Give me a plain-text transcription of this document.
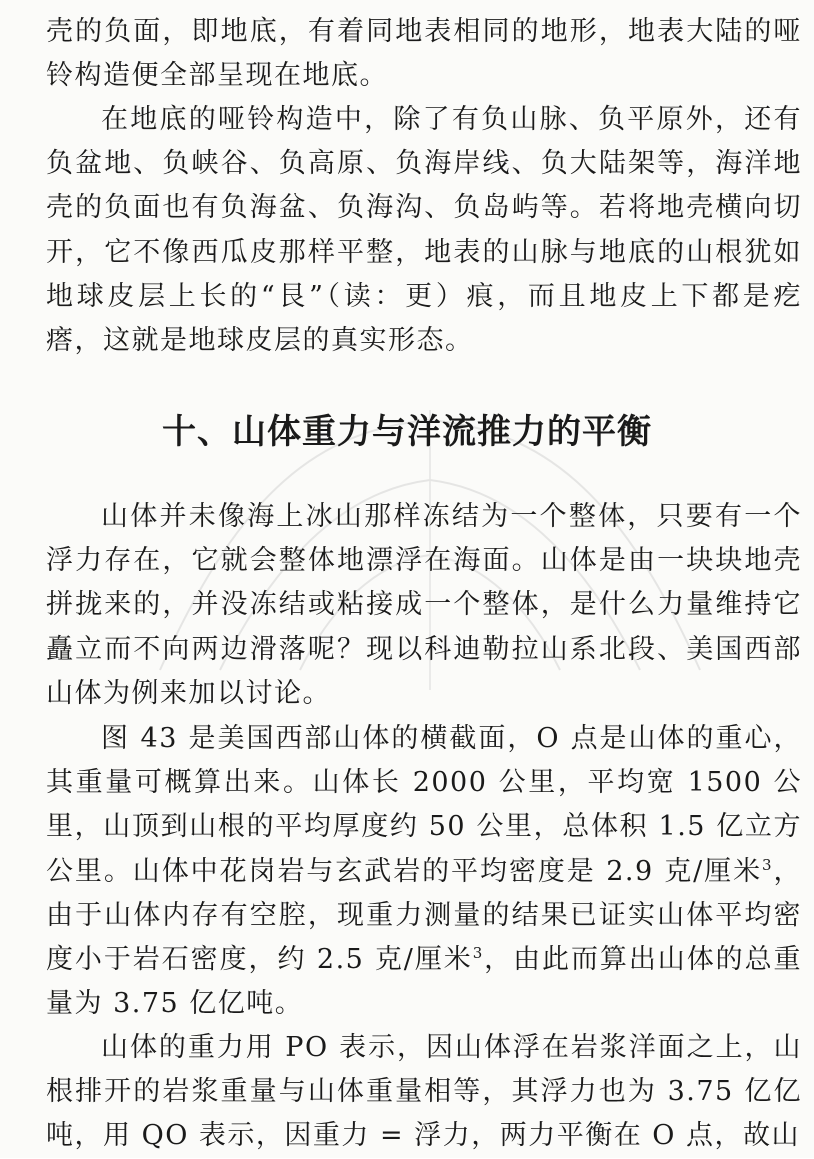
壳的负面，即地底，有着同地表相同的地形，地表大陆的哑铃构造便全部呈现在地底。

在地底的哑铃构造中，除了有负山脉、负平原外，还有负盆地、负峡谷、负高原、负海岸线、负大陆架等，海洋地壳的负面也有负海盆、负海沟、负岛屿等。若将地壳横向切开，它不像西瓜皮那样平整，地表的山脉与地底的山根犹如地球皮层上长的“艮”（读：更）痕，而且地皮上下都是疙瘩，这就是地球皮层的真实形态。

十、山体重力与洋流推力的平衡

山体并未像海上冰山那样冻结为一个整体，只要有一个浮力存在，它就会整体地漂浮在海面。山体是由一块块地壳拼拢来的，并没冻结或粘接成一个整体，是什么力量维持它矗立而不向两边滑落呢？现以科迪勒拉山系北段、美国西部山体为例来加以讨论。

图 43 是美国西部山体的横截面，O 点是山体的重心，其重量可概算出来。山体长 2000 公里，平均宽 1500 公里，山顶到山根的平均厚度约 50 公里，总体积 1.5 亿立方公里。山体中花岗岩与玄武岩的平均密度是 2.9 克/厘米$^3$，由于山体内存有空腔，现重力测量的结果已证实山体平均密度小于岩石密度，约 2.5 克/厘米$^3$，由此而算出山体的总重量为 3.75 亿亿吨。

山体的重力用 PO 表示，因山体浮在岩浆洋面之上，山根排开的岩浆重量与山体重量相等，其浮力也为 3.75 亿亿吨，用 QO 表示，因重力 = 浮力，两力平衡在 O 点，故山
